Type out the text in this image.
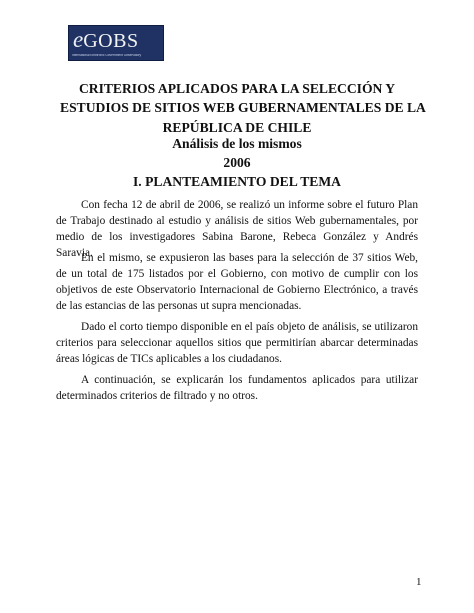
eGOBS
International Electronic Government Observatory
CRITERIOS APLICADOS PARA LA SELECCIÓN Y
ESTUDIOS DE SITIOS WEB GUBERNAMENTALES DE LA
REPÚBLICA DE CHILE
Análisis de los mismos
2006
I. PLANTEAMIENTO DEL TEMA

Con fecha 12 de abril de 2006, se realizó un informe sobre el futuro Plan de Trabajo destinado al estudio y análisis de sitios Web gubernamentales, por medio de los investigadores Sabina Barone, Rebeca González y Andrés Saravia.

En el mismo, se expusieron las bases para la selección de 37 sitios Web, de un total de 175 listados por el Gobierno, con motivo de cumplir con los objetivos de este Observatorio Internacional de Gobierno Electrónico, a través de las estancias de las personas ut supra mencionadas.

Dado el corto tiempo disponible en el país objeto de análisis, se utilizaron criterios para seleccionar aquellos sitios que permitirían abarcar determinadas áreas lógicas de TICs aplicables a los ciudadanos.

A continuación, se explicarán los fundamentos aplicados para utilizar determinados criterios de filtrado y no otros.

1
